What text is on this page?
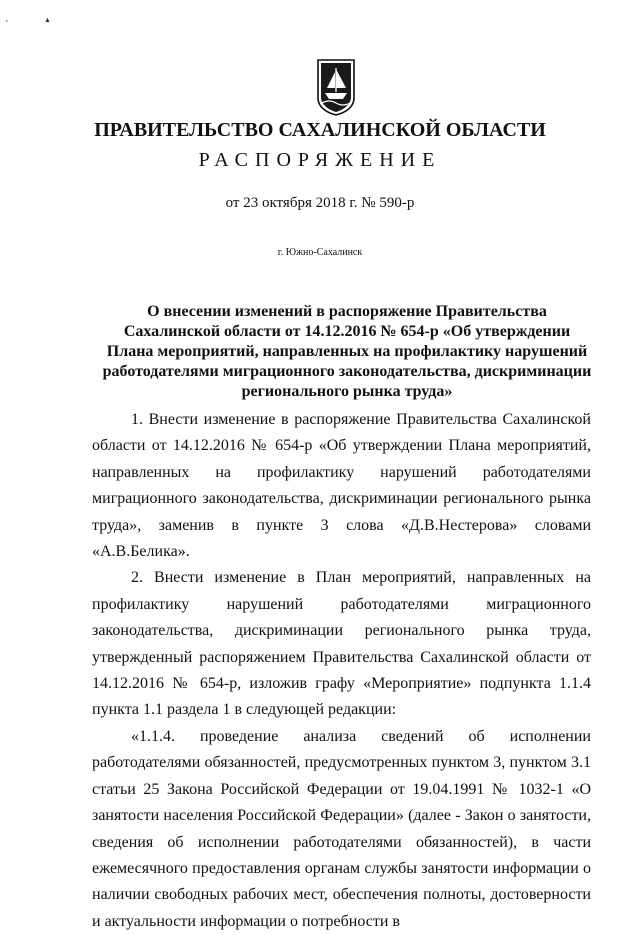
'	▲
ПРАВИТЕЛЬСТВО САХАЛИНСКОЙ ОБЛАСТИ
РАСПОРЯЖЕНИЕ
от 23 октября 2018 г. № 590-р
г. Южно-Сахалинск
О внесении изменений в распоряжение Правительства Сахалинской области от 14.12.2016 № 654-р «Об утверждении Плана мероприятий, направленных на профилактику нарушений работодателями миграционного законодательства, дискриминации регионального рынка труда»

1. Внести изменение в распоряжение Правительства Сахалинской области от 14.12.2016 № 654-р «Об утверждении Плана мероприятий, направленных на профилактику нарушений работодателями миграционного законодательства, дискриминации регионального рынка труда», заменив в пункте 3 слова «Д.В.Нестерова» словами «А.В.Белика».

2. Внести изменение в План мероприятий, направленных на профилактику нарушений работодателями миграционного законодательства, дискриминации регионального рынка труда, утвержденный распоряжением Правительства Сахалинской области от 14.12.2016 № 654-р, изложив графу «Мероприятие» подпункта 1.1.4 пункта 1.1 раздела 1 в следующей редакции:

«1.1.4. проведение анализа сведений об исполнении работодателями обязанностей, предусмотренных пунктом 3, пунктом 3.1 статьи 25 Закона Российской Федерации от 19.04.1991 № 1032-1 «О занятости населения Российской Федерации» (далее - Закон о занятости, сведения об исполнении работодателями обязанностей), в части ежемесячного предоставления органам службы занятости информации о наличии свободных рабочих мест, обеспечения полноты, достоверности и актуальности информации о потребности в
